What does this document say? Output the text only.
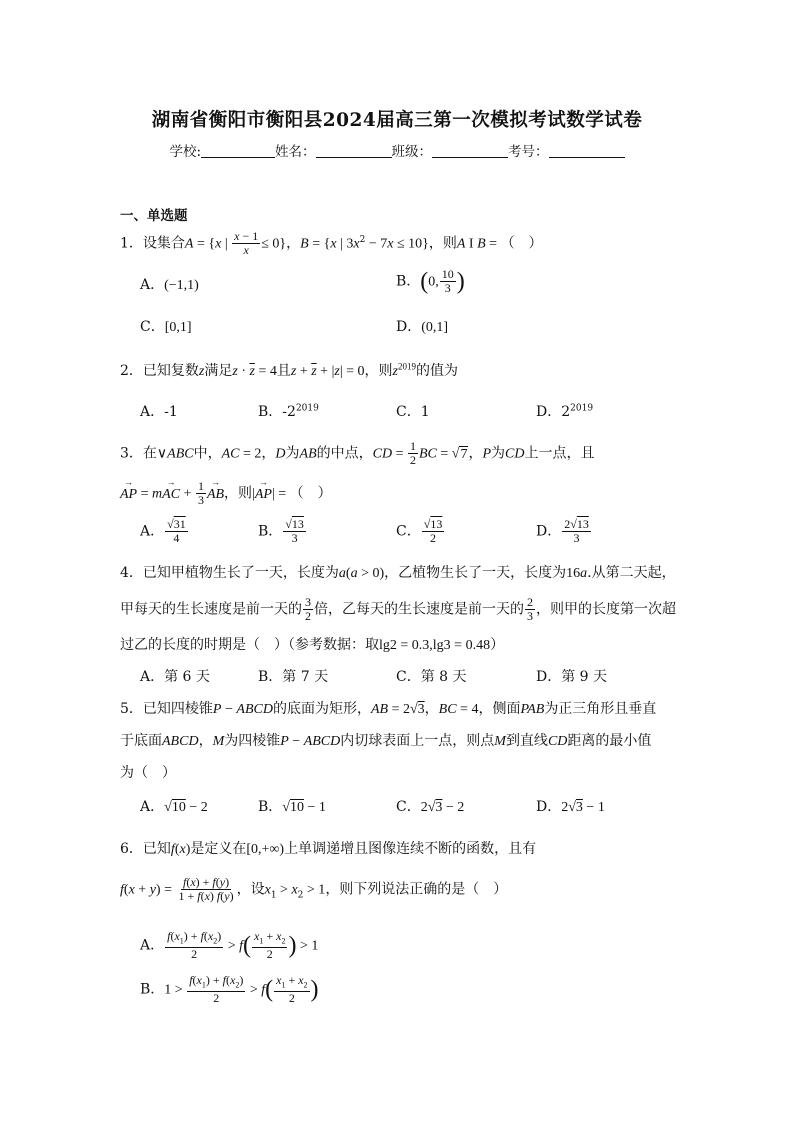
湖南省衡阳市衡阳县2024届高三第一次模拟考试数学试卷
学校:	姓名：	班级：	考号：
一、单选题
1．设集合A = {x | $\frac{x - 1}{x} \le 0$}，B = {x | $3x^2 - 7x \le 10$}，则A I B = （　）
A．(−1,1)	B．(0, $\frac{10}{3}$ )
C．[0,1]	D．(0,1]
2．已知复数z满足$z \cdot \overline{z} = 4$且$z + \overline{z} + |z| = 0$，则$z^{2019}$的值为
A．-1	B．$-2^{2019}$	C．1	D．$2^{2019}$
3．在∨ABC中，AC = 2，D为AB的中点，CD = $\frac{1}{2}$ BC = √7，P为CD上一点，且
→ AP = m→ AC + $\frac{1}{3}$ → AB，则|→ AP| = （　）
A． $\frac{√31}{4}$	B． $\frac{√13}{3}$	C． $\frac{√13}{2}$	D． $\frac{2√13}{3}$
4．已知甲植物生长了一天，长度为a(a > 0)，乙植物生长了一天，长度为16a.从第二天起，
甲每天的生长速度是前一天的 $\frac{3}{2}$ 倍，乙每天的生长速度是前一天的 $\frac{2}{3}$ ，则甲的长度第一次超
过乙的长度的时期是（　）（参考数据：取lg2 = 0.3,lg3 = 0.48）
A．第 6 天	B．第 7 天	C．第 8 天	D．第 9 天
5．已知四棱锥P − ABCD的底面为矩形，AB = 2√3，BC = 4，侧面PAB为正三角形且垂直
于底面ABCD，M为四棱锥P − ABCD内切球表面上一点，则点M到直线CD距离的最小值
为（　）
A．√10 − 2	B．√10 − 1	C．2√3 − 2	D．2√3 − 1
6．已知f(x)是定义在[0,+∞)上单调递增且图像连续不断的函数，且有
$f(x + y) = \frac{f(x) + f(y)}{1 + f(x) f(y)}$ ，设$x_1 > x_2 > 1$，则下列说法正确的是（　）
A． $\frac{f(x_1) + f(x_2)}{2} > f( \frac{x_1 + x_2}{2}$ ) > 1
B．$1 > \frac{f(x_1) + f(x_2)}{2} > f( \frac{x_1 + x_2}{2}$ )
